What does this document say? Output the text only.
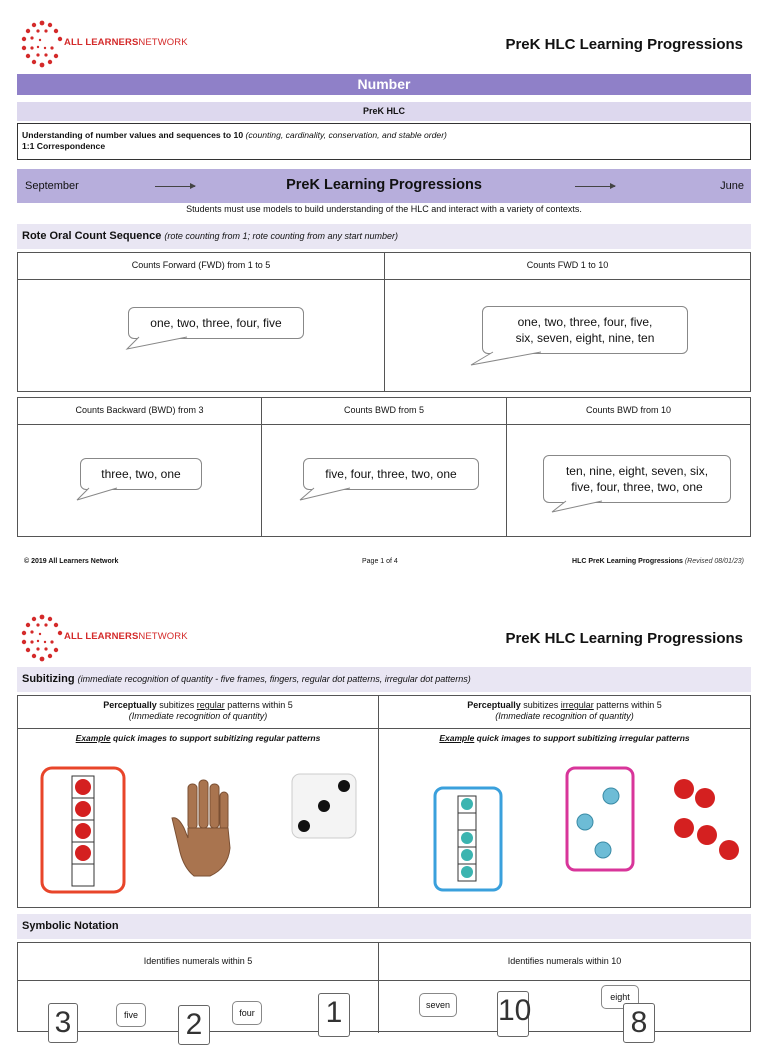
ALL LEARNERSNETWORK	PreK HLC Learning Progressions
Number
PreK HLC
Understanding of number values and sequences to 10 (counting, cardinality, conservation, and stable order)
1:1 Correspondence
September	PreK Learning Progressions	June
Students must use models to build understanding of the HLC and interact with a variety of contexts.
Rote Oral Count Sequence (rote counting from 1; rote counting from any start number)
Counts Forward (FWD) from 1 to 5
one, two, three, four, five
Counts FWD 1 to 10
one, two, three, four, five,
six, seven, eight, nine, ten
Counts Backward (BWD) from 3
three, two, one
Counts BWD from 5
five, four, three, two, one
Counts BWD from 10
ten, nine, eight, seven, six,
five, four, three, two, one
© 2019 All Learners Network	Page 1 of 4	HLC PreK Learning Progressions (Revised 08/01/23)
ALL LEARNERSNETWORK	PreK HLC Learning Progressions
Subitizing (immediate recognition of quantity - five frames, fingers, regular dot patterns, irregular dot patterns)
Perceptually subitizes regular patterns within 5
(Immediate recognition of quantity)
Example quick images to support subitizing regular patterns
Perceptually subitizes irregular patterns within 5
(Immediate recognition of quantity)
Example quick images to support subitizing irregular patterns
Symbolic Notation
Identifies numerals within 5
3	five 2	four 1
Identifies numerals within 10
seven 10	eight
8
